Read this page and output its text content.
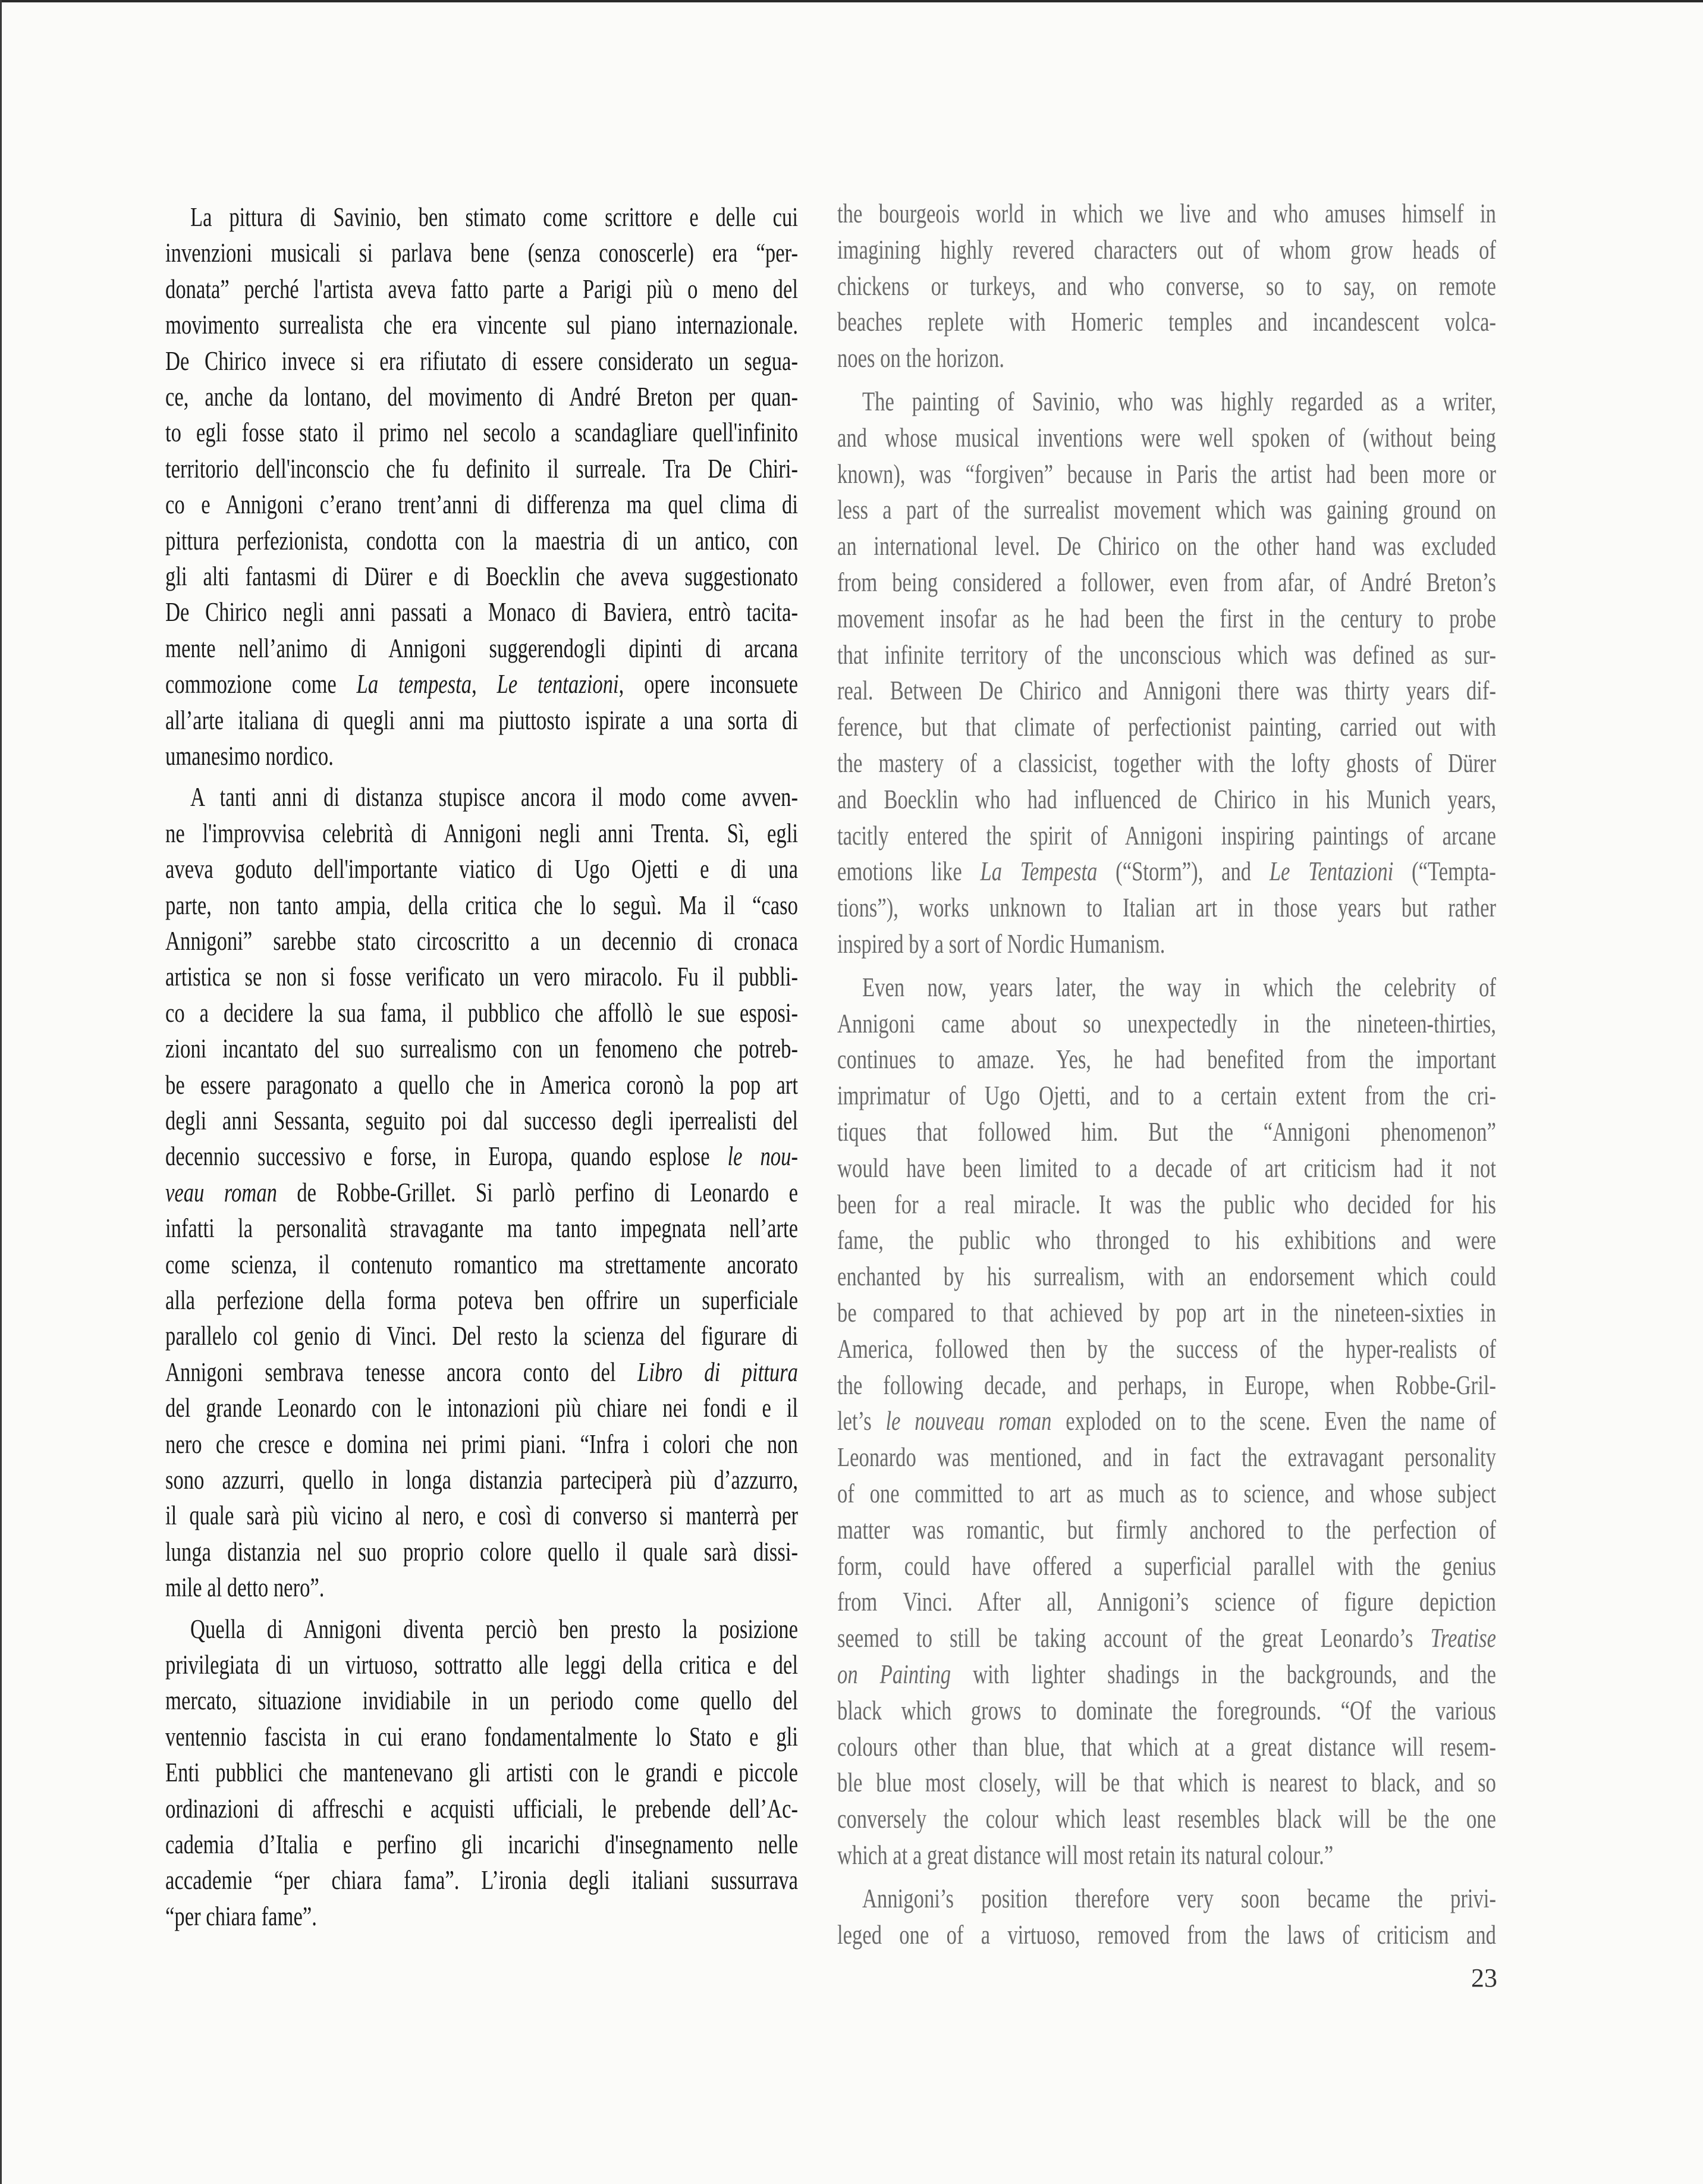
La pittura di Savinio, ben stimato come scrittore e delle cui
invenzioni musicali si parlava bene (senza conoscerle) era “per-
donata” perché l'artista aveva fatto parte a Parigi più o meno del
movimento surrealista che era vincente sul piano internazionale.
De Chirico invece si era rifiutato di essere considerato un segua-
ce, anche da lontano, del movimento di André Breton per quan-
to egli fosse stato il primo nel secolo a scandagliare quell'infinito
territorio dell'inconscio che fu definito il surreale. Tra De Chiri-
co e Annigoni c’erano trent’anni di differenza ma quel clima di
pittura perfezionista, condotta con la maestria di un antico, con
gli alti fantasmi di Dürer e di Boecklin che aveva suggestionato
De Chirico negli anni passati a Monaco di Baviera, entrò tacita-
mente nell’animo di Annigoni suggerendogli dipinti di arcana
commozione come La tempesta, Le tentazioni, opere inconsuete
all’arte italiana di quegli anni ma piuttosto ispirate a una sorta di
umanesimo nordico.
A tanti anni di distanza stupisce ancora il modo come avven-
ne l'improvvisa celebrità di Annigoni negli anni Trenta. Sì, egli
aveva goduto dell'importante viatico di Ugo Ojetti e di una
parte, non tanto ampia, della critica che lo seguì. Ma il “caso
Annigoni” sarebbe stato circoscritto a un decennio di cronaca
artistica se non si fosse verificato un vero miracolo. Fu il pubbli-
co a decidere la sua fama, il pubblico che affollò le sue esposi-
zioni incantato del suo surrealismo con un fenomeno che potreb-
be essere paragonato a quello che in America coronò la pop art
degli anni Sessanta, seguito poi dal successo degli iperrealisti del
decennio successivo e forse, in Europa, quando esplose le nou-
veau roman de Robbe-Grillet. Si parlò perfino di Leonardo e
infatti la personalità stravagante ma tanto impegnata nell’arte
come scienza, il contenuto romantico ma strettamente ancorato
alla perfezione della forma poteva ben offrire un superficiale
parallelo col genio di Vinci. Del resto la scienza del figurare di
Annigoni sembrava tenesse ancora conto del Libro di pittura
del grande Leonardo con le intonazioni più chiare nei fondi e il
nero che cresce e domina nei primi piani. “Infra i colori che non
sono azzurri, quello in longa distanzia parteciperà più d’azzurro,
il quale sarà più vicino al nero, e così di converso si manterrà per
lunga distanzia nel suo proprio colore quello il quale sarà dissi-
mile al detto nero”.
Quella di Annigoni diventa perciò ben presto la posizione
privilegiata di un virtuoso, sottratto alle leggi della critica e del
mercato, situazione invidiabile in un periodo come quello del
ventennio fascista in cui erano fondamentalmente lo Stato e gli
Enti pubblici che mantenevano gli artisti con le grandi e piccole
ordinazioni di affreschi e acquisti ufficiali, le prebende dell’Ac-
cademia d’Italia e perfino gli incarichi d'insegnamento nelle
accademie “per chiara fama”. L’ironia degli italiani sussurrava
“per chiara fame”.
the bourgeois world in which we live and who amuses himself in
imagining highly revered characters out of whom grow heads of
chickens or turkeys, and who converse, so to say, on remote
beaches replete with Homeric temples and incandescent volca-
noes on the horizon.
The painting of Savinio, who was highly regarded as a writer,
and whose musical inventions were well spoken of (without being
known), was “forgiven” because in Paris the artist had been more or
less a part of the surrealist movement which was gaining ground on
an international level. De Chirico on the other hand was excluded
from being considered a follower, even from afar, of André Breton’s
movement insofar as he had been the first in the century to probe
that infinite territory of the unconscious which was defined as sur-
real. Between De Chirico and Annigoni there was thirty years dif-
ference, but that climate of perfectionist painting, carried out with
the mastery of a classicist, together with the lofty ghosts of Dürer
and Boecklin who had influenced de Chirico in his Munich years,
tacitly entered the spirit of Annigoni inspiring paintings of arcane
emotions like La Tempesta (“Storm”), and Le Tentazioni (“Tempta-
tions”), works unknown to Italian art in those years but rather
inspired by a sort of Nordic Humanism.
Even now, years later, the way in which the celebrity of
Annigoni came about so unexpectedly in the nineteen-thirties,
continues to amaze. Yes, he had benefited from the important
imprimatur of Ugo Ojetti, and to a certain extent from the cri-
tiques that followed him. But the “Annigoni phenomenon”
would have been limited to a decade of art criticism had it not
been for a real miracle. It was the public who decided for his
fame, the public who thronged to his exhibitions and were
enchanted by his surrealism, with an endorsement which could
be compared to that achieved by pop art in the nineteen-sixties in
America, followed then by the success of the hyper-realists of
the following decade, and perhaps, in Europe, when Robbe-Gril-
let’s le nouveau roman exploded on to the scene. Even the name of
Leonardo was mentioned, and in fact the extravagant personality
of one committed to art as much as to science, and whose subject
matter was romantic, but firmly anchored to the perfection of
form, could have offered a superficial parallel with the genius
from Vinci. After all, Annigoni’s science of figure depiction
seemed to still be taking account of the great Leonardo’s Treatise
on Painting with lighter shadings in the backgrounds, and the
black which grows to dominate the foregrounds. “Of the various
colours other than blue, that which at a great distance will resem-
ble blue most closely, will be that which is nearest to black, and so
conversely the colour which least resembles black will be the one
which at a great distance will most retain its natural colour.”
Annigoni’s position therefore very soon became the privi-
leged one of a virtuoso, removed from the laws of criticism and
23
